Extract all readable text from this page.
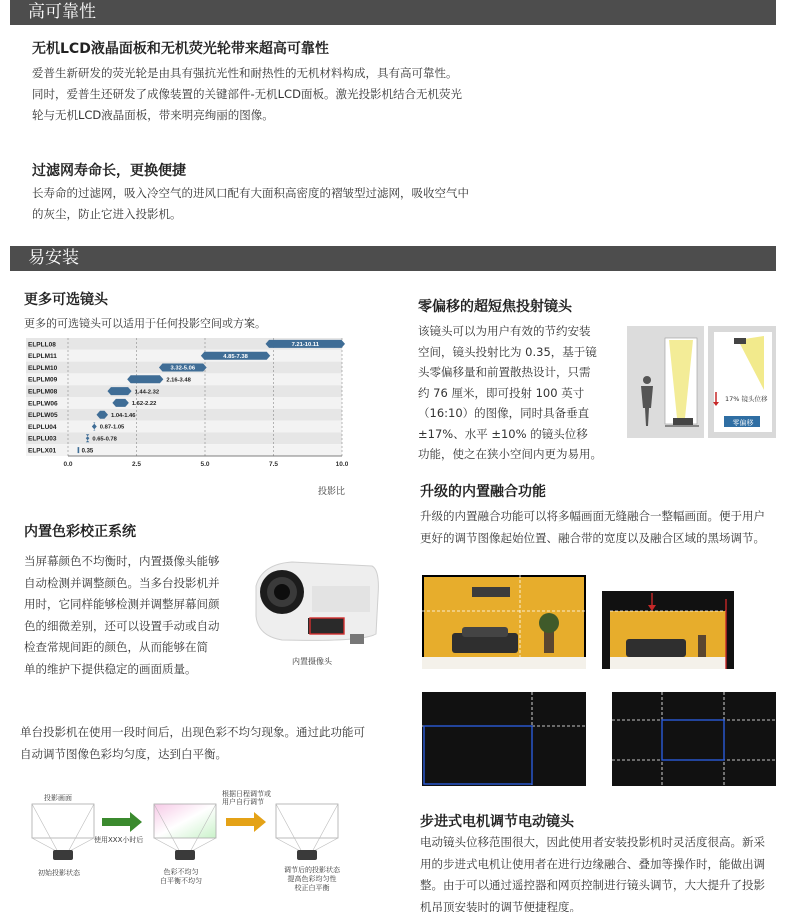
高可靠性
无机LCD液晶面板和无机荧光轮带来超高可靠性
爱普生新研发的荧光轮是由具有强抗光性和耐热性的无机材料构成，具有高可靠性。
同时，爱普生还研发了成像装置的关键部件-无机LCD面板。激光投影机结合无机荧光
轮与无机LCD液晶面板，带来明亮绚丽的图像。
过滤网寿命长，更换便捷
长寿命的过滤网，吸入冷空气的进风口配有大面积高密度的褶皱型过滤网，吸收空气中
的灰尘，防止它进入投影机。
易安装
更多可选镜头
更多的可选镜头可以适用于任何投影空间或方案。
0.0	2.5	5.0	7.5	10.0
ELPLL08	7.21-10.11
ELPLM11	4.85-7.38
ELPLM10	3.32-5.06
ELPLM09	2.16-3.48
ELPLM08	1.44-2.32
ELPLW06	1.62-2.22
ELPLW05	1.04-1.46
ELPLU04	0.87-1.05
ELPLU03	0.65-0.78
ELPLX01	0.35
投影比
零偏移的超短焦投射镜头
该镜头可以为用户有效的节约安装
空间，镜头投射比为 0.35，基于镜
头零偏移量和前置散热设计，只需
约 76 厘米，即可投射 100 英寸
（16:10）的图像，同时具备垂直
±17%、水平 ±10% 的镜头位移
功能，使之在狭小空间内更为易用。
17% 镜头位移
零偏移
内置色彩校正系统
当屏幕颜色不均衡时，内置摄像头能够
自动检测并调整颜色。当多台投影机并
用时，它同样能够检测并调整屏幕间颜
色的细微差别，还可以设置手动或自动
检查常规间距的颜色，从而能够在简
单的维护下提供稳定的画面质量。	内置摄像头
单台投影机在使用一段时间后，出现色彩不均匀现象。通过此功能可
自动调节图像色彩均匀度，达到白平衡。
投影画面
使用XXX小时后
根据日程调节或
用户自行调节
初始投影状态	色彩不均匀
白平衡不均匀
调节后的投影状态
提高色彩均匀性
校正白平衡
升级的内置融合功能
升级的内置融合功能可以将多幅画面无缝融合一整幅画面。便于用户
更好的调节图像起始位置、融合带的宽度以及融合区域的黑场调节。
步进式电机调节电动镜头
电动镜头位移范围很大，因此使用者安装投影机时灵活度很高。新采
用的步进式电机让使用者在进行边缘融合、叠加等操作时，能做出调
整。由于可以通过遥控器和网页控制进行镜头调节，大大提升了投影
机吊顶安装时的调节便捷程度。
